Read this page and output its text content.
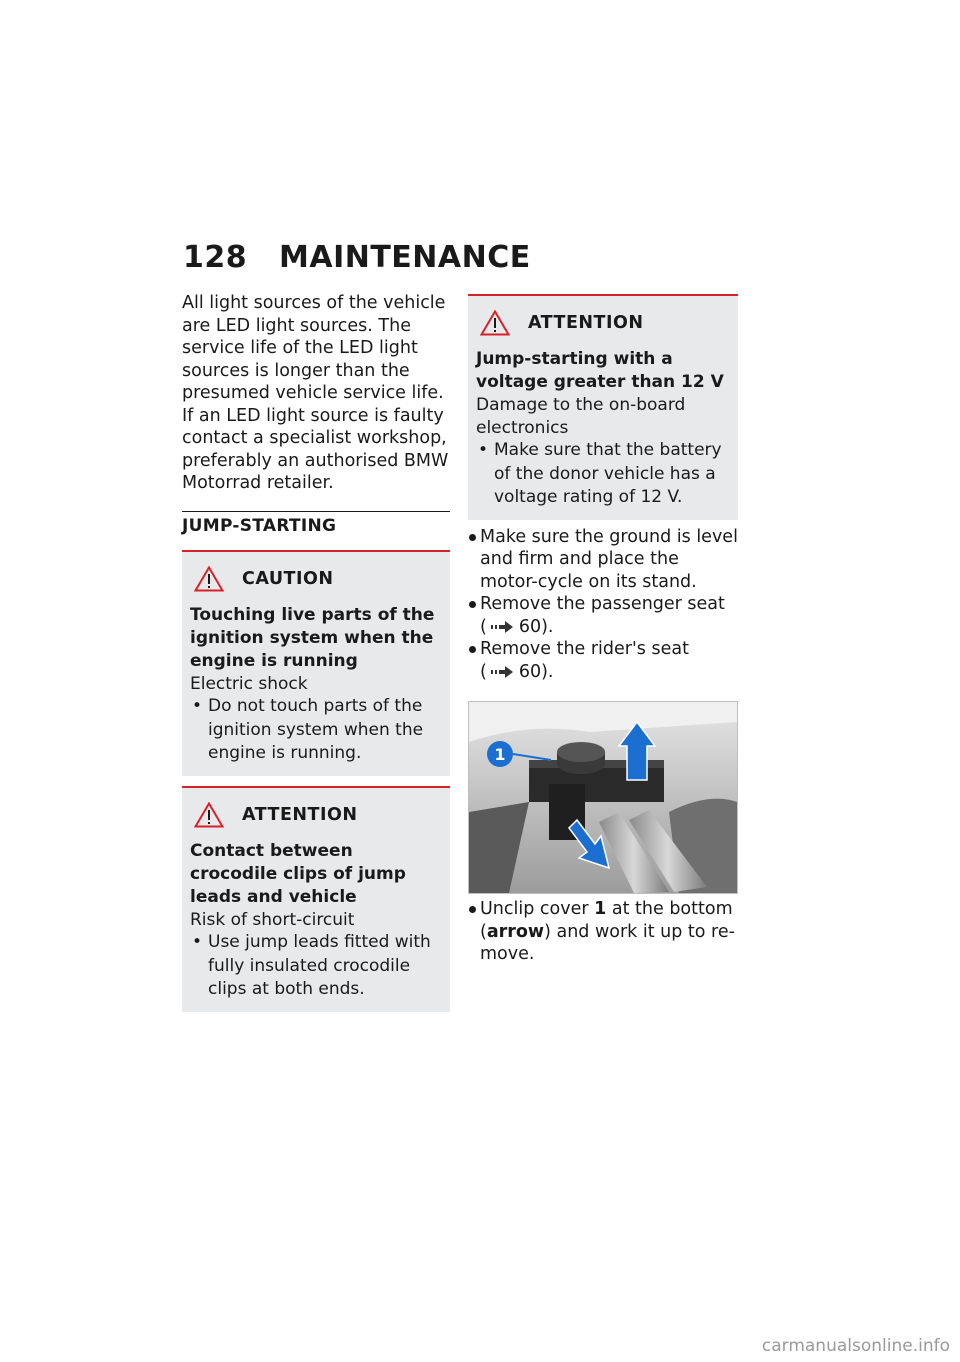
128 MAINTENANCE

All light sources of the vehicle are LED light sources. The service life of the LED light sources is longer than the presumed vehicle service life. If an LED light source is faulty contact a specialist workshop, preferably an authorised BMW Motorrad retailer.

JUMP-STARTING
CAUTION
Touching live parts of the ignition system when the engine is running
Electric shock
• Do not touch parts of the ignition system when the engine is running.
ATTENTION
Contact between crocodile clips of jump leads and vehicle
Risk of short-circuit
• Use jump leads fitted with fully insulated crocodile clips at both ends.
ATTENTION
Jump-starting with a voltage greater than 12 V
Damage to the on-board electronics
• Make sure that the battery of the donor vehicle has a voltage rating of 12 V.
Make sure the ground is level and firm and place the motor-cycle on its stand.
Remove the passenger seat
( 60).
Remove the rider's seat
( 60).
1
Unclip cover 1 at the bottom (arrow) and work it up to re-move.
carmanualsonline.info
